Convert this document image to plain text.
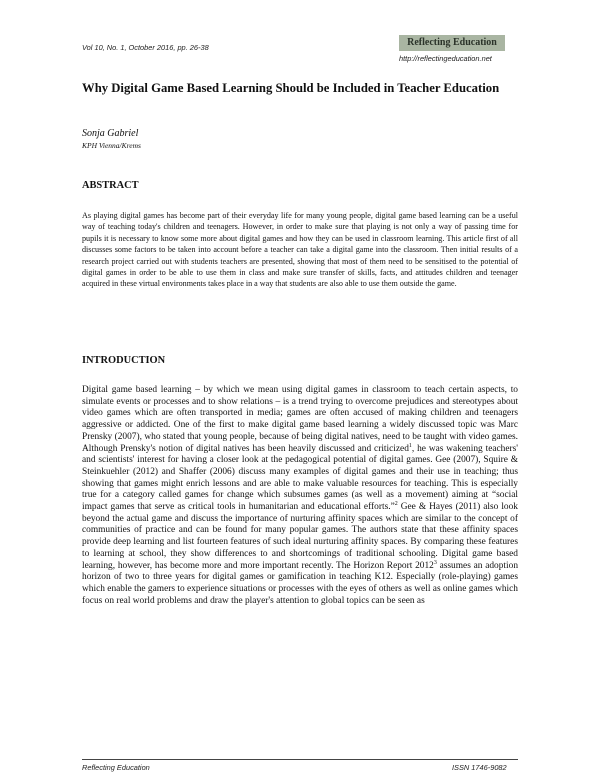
Vol 10, No. 1, October 2016, pp. 26-38	Reflecting Education
http://reflectingeducation.net
Why Digital Game Based Learning Should be Included in Teacher Education
Sonja Gabriel
KPH Vienna/Krems
ABSTRACT

As playing digital games has become part of their everyday life for many young people, digital game based learning can be a useful way of teaching today's children and teenagers. However, in order to make sure that playing is not only a way of passing time for pupils it is necessary to know some more about digital games and how they can be used in classroom learning. This article first of all discusses some factors to be taken into account before a teacher can take a digital game into the classroom. Then initial results of a research project carried out with students teachers are presented, showing that most of them need to be sensitised to the potential of digital games in order to be able to use them in class and make sure transfer of skills, facts, and attitudes children and teenager acquired in these virtual environments takes place in a way that students are also able to use them outside the game.

INTRODUCTION

Digital game based learning – by which we mean using digital games in classroom to teach certain aspects, to simulate events or processes and to show relations – is a trend trying to overcome prejudices and stereotypes about video games which are often transported in media; games are often accused of making children and teenagers aggressive or addicted. One of the first to make digital game based learning a widely discussed topic was Marc Prensky (2007), who stated that young people, because of being digital natives, need to be taught with video games. Although Prensky's notion of digital natives has been heavily discussed and criticized$^1$, he was wakening teachers' and scientists' interest for having a closer look at the pedagogical potential of digital games. Gee (2007), Squire & Steinkuehler (2012) and Shaffer (2006) discuss many examples of digital games and their use in teaching; thus showing that games might enrich lessons and are able to make valuable resources for teaching. This is especially true for a category called games for change which subsumes games (as well as a movement) aiming at “social impact games that serve as critical tools in humanitarian and educational efforts.”$^2$ Gee & Hayes (2011) also look beyond the actual game and discuss the importance of nurturing affinity spaces which are similar to the concept of communities of practice and can be found for many popular games. The authors state that these affinity spaces provide deep learning and list fourteen features of such ideal nurturing affinity spaces. By comparing these features to learning at school, they show differences to and shortcomings of traditional schooling. Digital game based learning, however, has become more and more important recently. The Horizon Report 2012$^3$ assumes an adoption horizon of two to three years for digital games or gamification in teaching K12. Especially (role-playing) games which enable the gamers to experience situations or processes with the eyes of others as well as online games which focus on real world problems and draw the player's attention to global topics can be seen as

Reflecting Education	ISSN 1746-9082
